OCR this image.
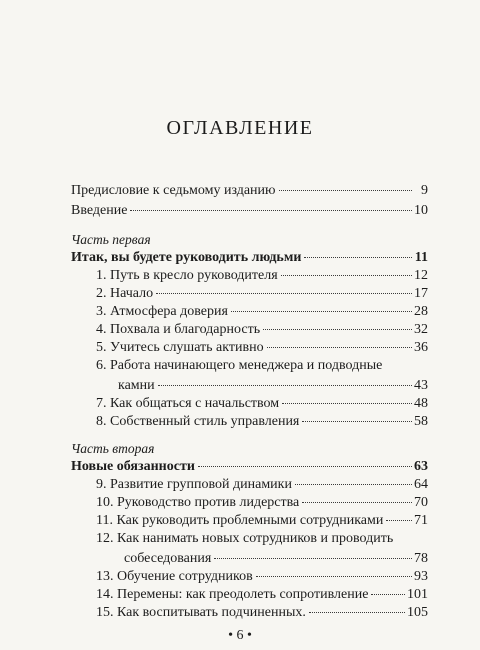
ОГЛАВЛЕНИЕ
Предисловие к седьмому изданию	9
Введение	10
Часть первая
Итак, вы будете руководить людьми	11
1. Путь в кресло руководителя	12
2. Начало	17
3. Атмосфера доверия	28
4. Похвала и благодарность	32
5. Учитесь слушать активно	36
6. Работа начинающего менеджера и подводные
камни	43
7. Как общаться с начальством	48
8. Собственный стиль управления	58
Часть вторая
Новые обязанности	63
9. Развитие групповой динамики	64
10. Руководство против лидерства	70
11. Как руководить проблемными сотрудниками 71
12. Как нанимать новых сотрудников и проводить
собеседования	78
13. Обучение сотрудников	93
14. Перемены: как преодолеть сопротивление	101
15. Как воспитывать подчиненных.	105
• 6 •
